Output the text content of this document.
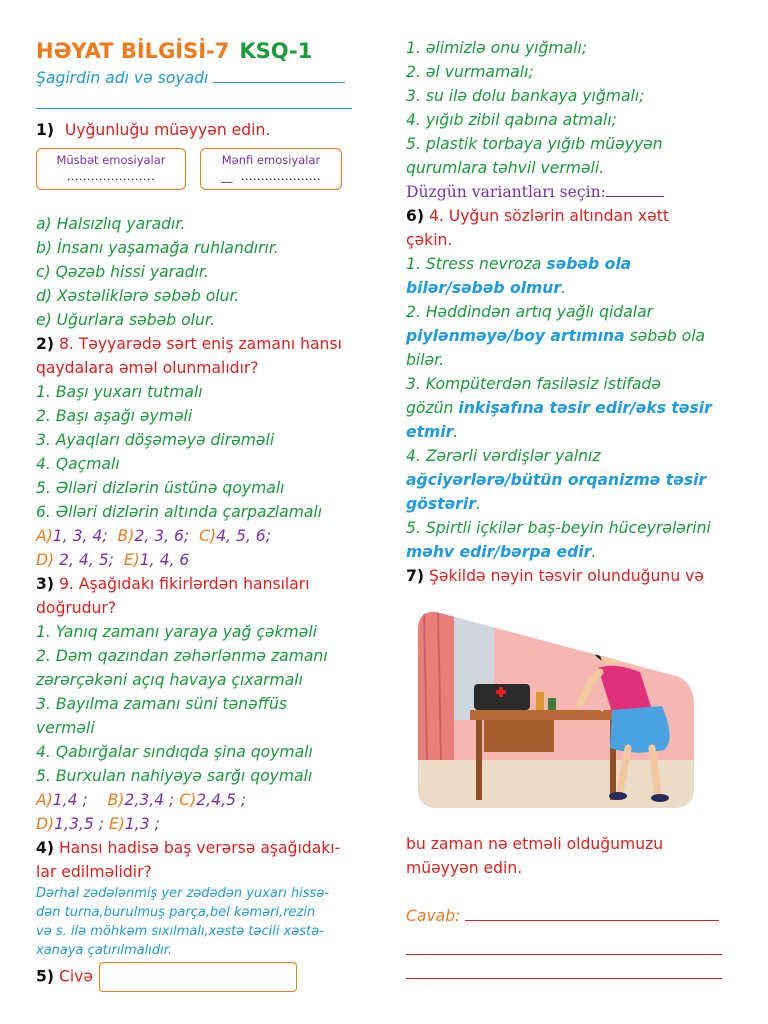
HƏYAT BİLGİSİ-7 KSQ-1
Şagirdin adı və soyadı
1) Uyğunluğu müəyyən edin.
Müsbət emosiyalar
......................
Mənfi emosiyalar
__ ....................
a) Halsızlıq yaradır.
b) İnsanı yaşamağa ruhlandırır.
c) Qəzəb hissi yaradır.
d) Xəstəliklərə səbəb olur.
e) Uğurlara səbəb olur.
2) 8. Təyyarədə sərt eniş zamanı hansı
qaydalara əməl olunmalıdır?
1. Başı yuxarı tutmalı
2. Başı aşağı əyməli
3. Ayaqları döşəməyə dirəməli
4. Qaçmalı
5. Əlləri dizlərin üstünə qoymalı
6. Əlləri dizlərin altında çarpazlamalı
A)1, 3, 4; B)2, 3, 6; C)4, 5, 6;
D) 2, 4, 5; E)1, 4, 6
3) 9. Aşağıdakı fikirlərdən hansıları
doğrudur?
1. Yanıq zamanı yaraya yağ çəkməli
2. Dəm qazından zəhərlənmə zamanı
zərərçəkəni açıq havaya çıxarmalı
3. Bayılma zamanı süni tənəffüs
verməli
4. Qabırğalar sındıqda şina qoymalı
5. Burxulan nahiyəyə sarğı qoymalı
A)1,4 ; B)2,3,4 ; C)2,4,5 ;
D)1,3,5 ; E)1,3 ;
4) Hansı hadisə baş verərsə aşağıdakı-
lar edilməlidir?
Dərhal zədələnmiş yer zədədən yuxarı hissə-
dən turna,burulmuş parça,bel kəməri,rezin
və s. ilə möhkəm sıxılmalı,xəstə təcili xəstə-
xanaya çatırılmalıdır.
5) Civə
1. əlimizlə onu yığmalı;
2. əl vurmamalı;
3. su ilə dolu bankaya yığmalı;
4. yığıb zibil qabına atmalı;
5. plastik torbaya yığıb müəyyən
qurumlara təhvil verməli.
Düzgün variantları seçin:
6) 4. Uyğun sözlərin altından xətt
çəkin.
1. Stress nevroza səbəb ola
bilər/səbəb olmur.
2. Həddindən artıq yağlı qidalar
piylənməyə/boy artımına səbəb ola
bilər.
3. Kompüterdən fasiləsiz istifadə
gözün inkişafına təsir edir/əks təsir
etmir.
4. Zərərli vərdişlər yalnız
ağciyərlərə/bütün orqanizmə təsir
göstərir.
5. Spirtli içkilər baş-beyin hüceyrələrini
məhv edir/bərpa edir.
7) Şəkildə nəyin təsvir olunduğunu və
bu zaman nə etməli olduğumuzu
müəyyən edin.
Cavab:
